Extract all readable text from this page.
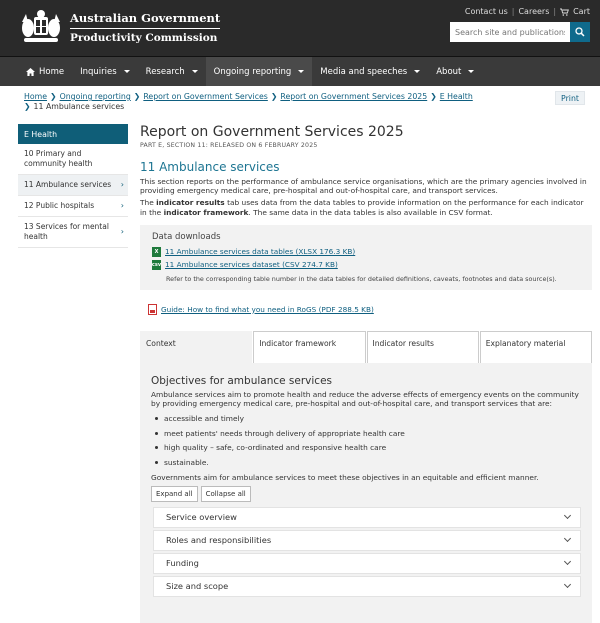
Australian Government
Productivity Commission
Contact us | Careers | Cart
Search site and publications
Home Inquiries	Research	Ongoing reporting	Media and speeches	About
Home ❯ Ongoing reporting ❯ Report on Government Services ❯ Report on Government Services 2025 ❯ E Health
❯ 11 Ambulance services
Print
E Health
10 Primary and community health
11 Ambulance services ›
12 Public hospitals	›
13 Services for mental health
›
Report on Government Services 2025
PART E, SECTION 11: RELEASED ON 6 FEBRUARY 2025
11 Ambulance services
This section reports on the performance of ambulance service organisations, which are the primary agencies involved in providing emergency medical care, pre-hospital and out-of-hospital care, and transport services.
The indicator results tab uses data from the data tables to provide information on the performance for each indicator in the indicator framework. The same data in the data tables is also available in CSV format.
Data downloads
X 11 Ambulance services data tables (XLSX 176.3 KB)
csv 11 Ambulance services dataset (CSV 274.7 KB)
Refer to the corresponding table number in the data tables for detailed definitions, caveats, footnotes and data source(s).
Guide: How to find what you need in RoGS (PDF 288.5 KB)
Context	Indicator framework	Indicator results	Explanatory material
Objectives for ambulance services
Ambulance services aim to promote health and reduce the adverse effects of emergency events on the community by providing emergency medical care, pre-hospital and out-of-hospital care, and transport services that are:
accessible and timely
meet patients' needs through delivery of appropriate health care
high quality – safe, co-ordinated and responsive health care
sustainable.
Governments aim for ambulance services to meet these objectives in an equitable and efficient manner.
Expand all	Collapse all
Service overview
Roles and responsibilities
Funding
Size and scope
